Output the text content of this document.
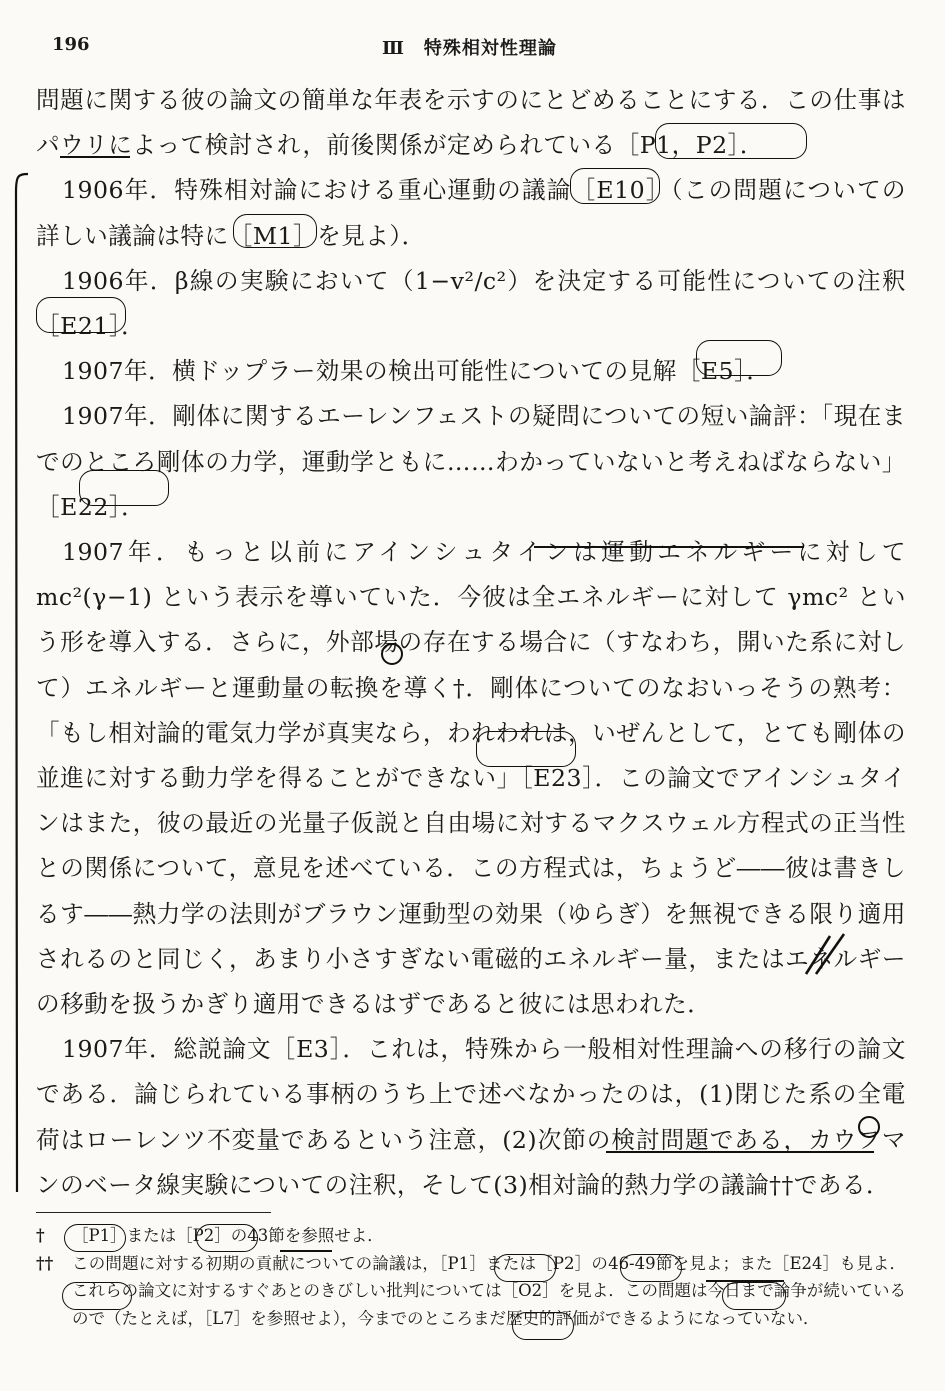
196	Ⅲ　特殊相対性理論

問題に関する彼の論文の簡単な年表を示すのにとどめることにする．この仕事はパウリによって検討され，前後関係が定められている［P1，P2］．

1906年．特殊相対論における重心運動の議論［E10］（この問題についての詳しい議論は特に［M1］を見よ）．

1906年．β線の実験において（1−v²/c²）を決定する可能性についての注釈［E21］．

1907年．横ドップラー効果の検出可能性についての見解［E5］．

1907年．剛体に関するエーレンフェストの疑問についての短い論評：「現在までのところ剛体の力学，運動学ともに……わかっていないと考えねばならない」［E22］．

1907年．もっと以前にアインシュタインは運動エネルギーに対して mc²(γ−1) という表示を導いていた．今彼は全エネルギーに対して γmc² という形を導入する．さらに，外部場の存在する場合に（すなわち，開いた系に対して）エネルギーと運動量の転換を導く†．剛体についてのなおいっそうの熟考：「もし相対論的電気力学が真実なら，われわれは，いぜんとして，とても剛体の並進に対する動力学を得ることができない」［E23］．この論文でアインシュタインはまた，彼の最近の光量子仮説と自由場に対するマクスウェル方程式の正当性との関係について，意見を述べている．この方程式は，ちょうど――彼は書きしるす――熱力学の法則がブラウン運動型の効果（ゆらぎ）を無視できる限り適用されるのと同じく，あまり小さすぎない電磁的エネルギー量，またはエネルギーの移動を扱うかぎり適用できるはずであると彼には思われた．

1907年．総説論文［E3］．これは，特殊から一般相対性理論への移行の論文である．論じられている事柄のうち上で述べなかったのは，(1)閉じた系の全電荷はローレンツ不変量であるという注意，(2)次節の検討問題である，カウフマンのベータ線実験についての注釈，そして(3)相対論的熱力学の議論††である．

†	［P1］または［P2］の43節を参照せよ．
††	この問題に対する初期の貢献についての論議は，［P1］または［P2］の46-49節を見よ；また［E24］も見よ．これらの論文に対するすぐあとのきびしい批判については［O2］を見よ．この問題は今日まで論争が続いているので（たとえば，［L7］を参照せよ），今までのところまだ歴史的評価ができるようになっていない．
